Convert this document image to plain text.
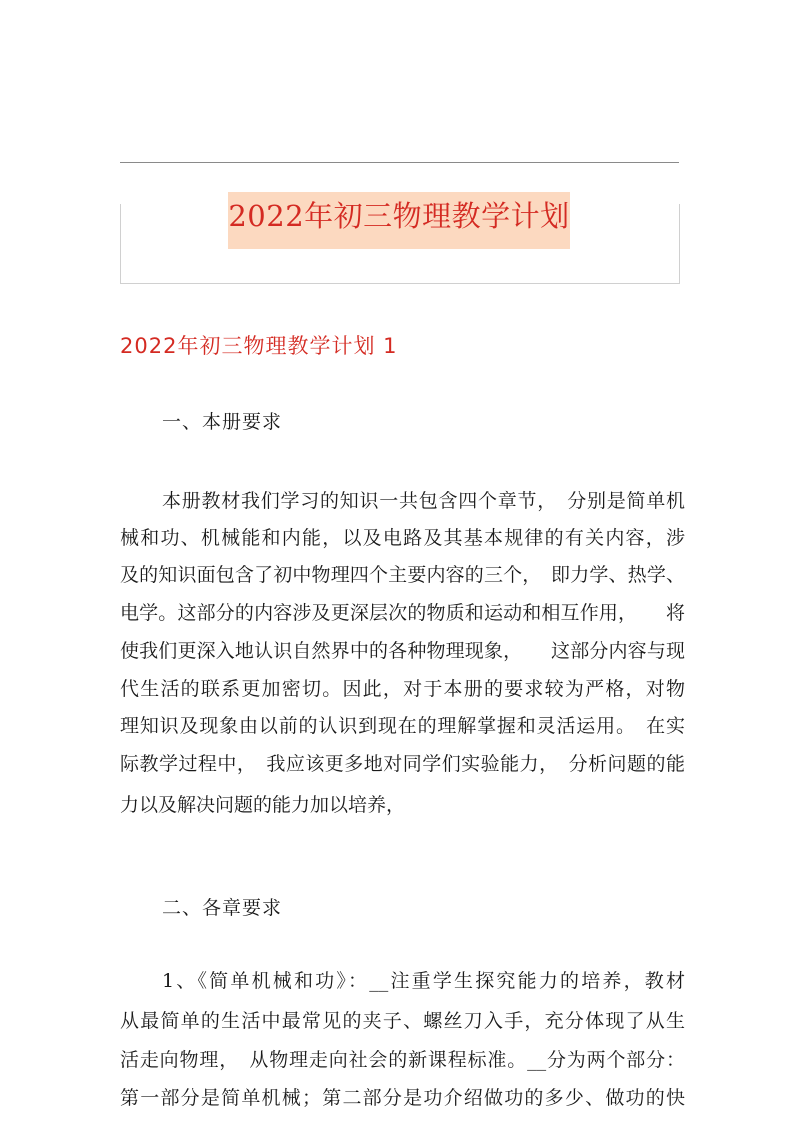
2022年初三物理教学计划
2022年初三物理教学计划 1
一、本册要求
本册教材我们学习的知识一共包含四个章节，　分别是简单机
械和功、机械能和内能，以及电路及其基本规律的有关内容，涉
及的知识面包含了初中物理四个主要内容的三个，　即力学、热学、
电学。这部分的内容涉及更深层次的物质和运动和相互作用，　　将
使我们更深入地认识自然界中的各种物理现象，　　这部分内容与现
代生活的联系更加密切。因此，对于本册的要求较为严格，对物
理知识及现象由以前的认识到现在的理解掌握和灵活运用。　在实
际教学过程中，　我应该更多地对同学们实验能力，　分析问题的能
力以及解决问题的能力加以培养，
二、各章要求
1、《简单机械和功》：__注重学生探究能力的培养，教材
从最简单的生活中最常见的夹子、螺丝刀入手，充分体现了从生
活走向物理，　从物理走向社会的新课程标准。__分为两个部分：
第一部分是简单机械；第二部分是功介绍做功的多少、做功的快
